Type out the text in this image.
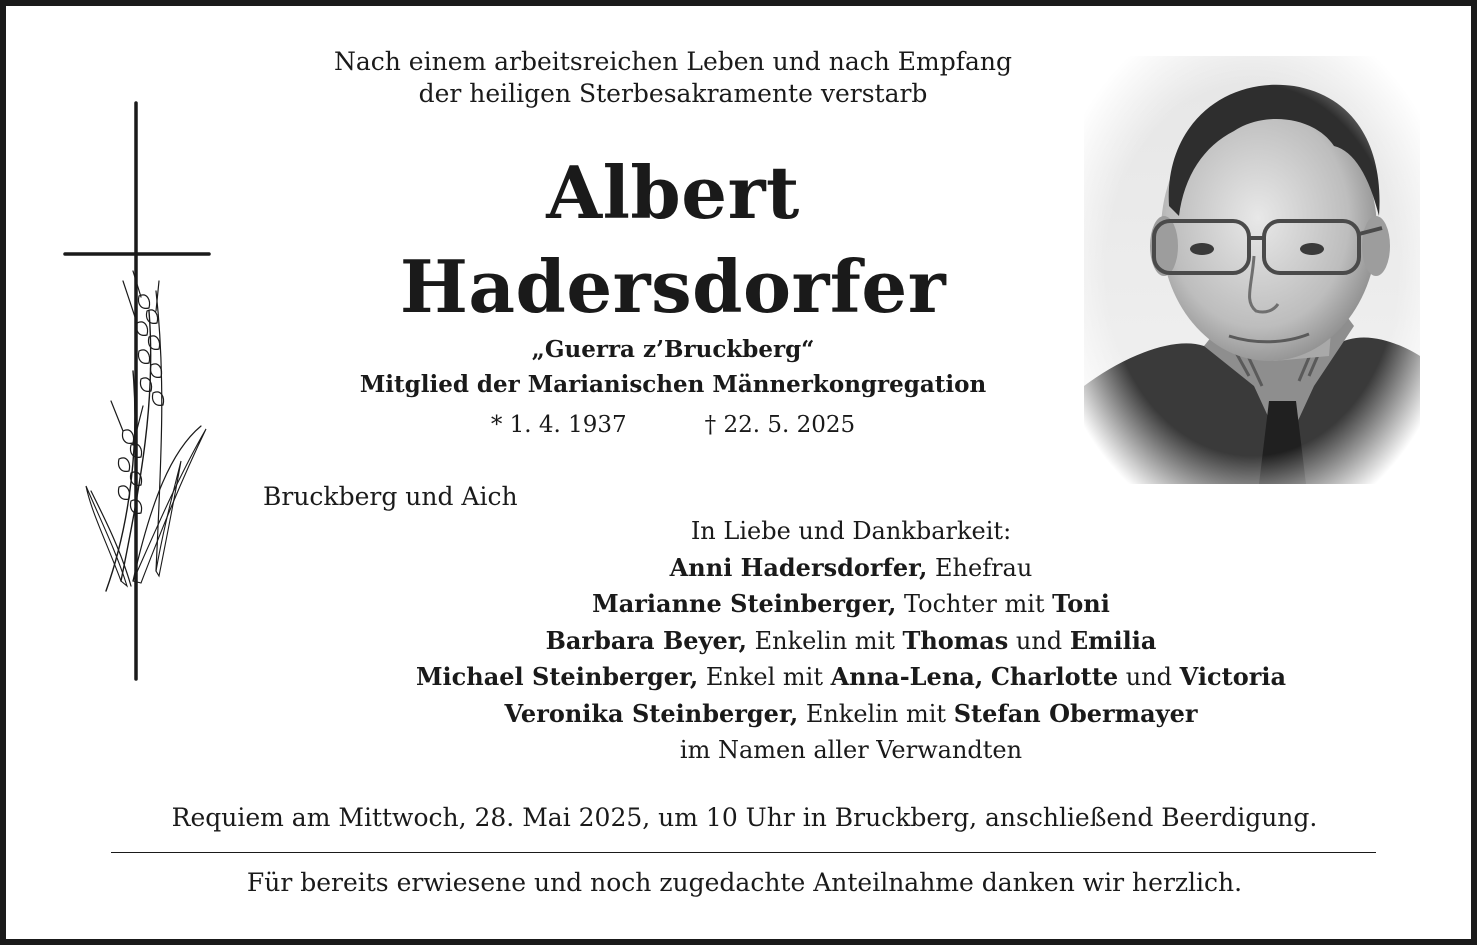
Nach einem arbeitsreichen Leben und nach Empfang
der heiligen Sterbesakramente verstarb
Albert
Hadersdorfer
„Guerra z’Bruckberg“
Mitglied der Marianischen Männerkongregation
* 1. 4. 1937	† 22. 5. 2025
Bruckberg und Aich
In Liebe und Dankbarkeit:
Anni Hadersdorfer, Ehefrau
Marianne Steinberger, Tochter mit Toni
Barbara Beyer, Enkelin mit Thomas und Emilia
Michael Steinberger, Enkel mit Anna-Lena, Charlotte und Victoria
Veronika Steinberger, Enkelin mit Stefan Obermayer
im Namen aller Verwandten
Requiem am Mittwoch, 28. Mai 2025, um 10 Uhr in Bruckberg, anschließend Beerdigung.
Für bereits erwiesene und noch zugedachte Anteilnahme danken wir herzlich.
